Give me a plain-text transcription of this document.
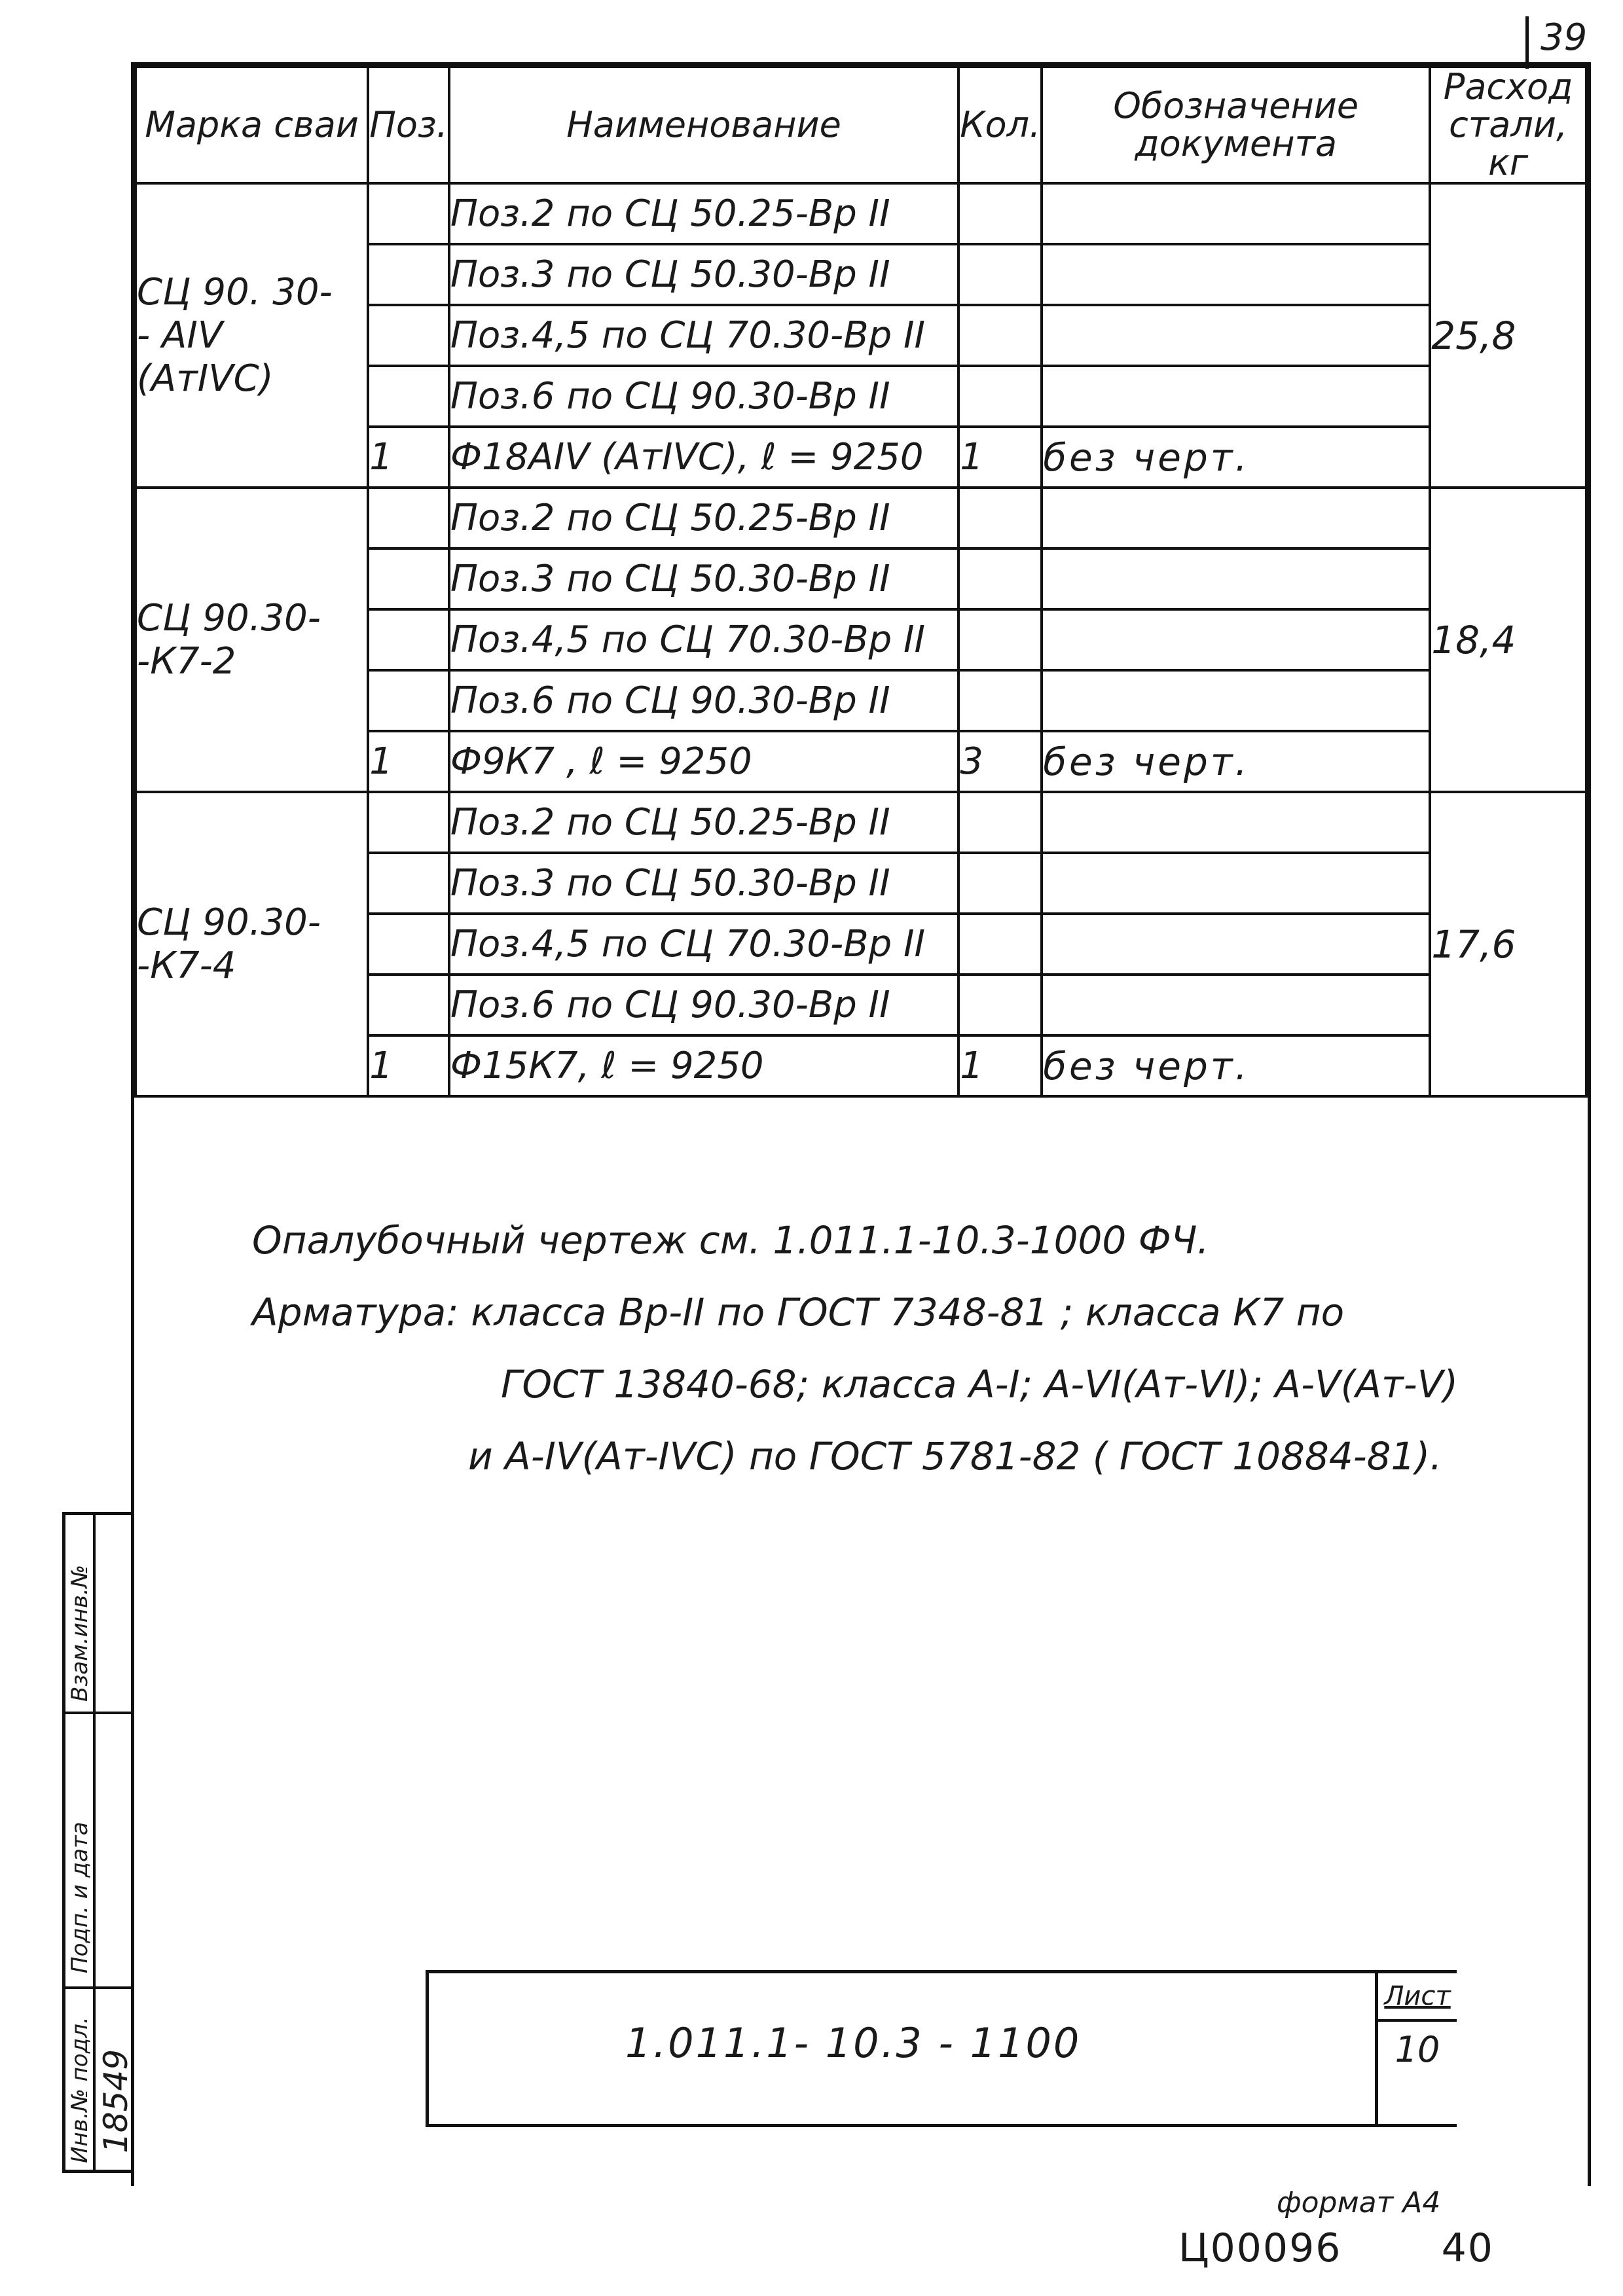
39
Марка сваи	Поз.	Наименование	Кол.	Обозначение документа	Расход стали, кг

СЦ 90. 30-
- АIV (АтIVC)		Поз.2 по СЦ 50.25-Вр II			25,8
		Поз.3 по СЦ 50.30-Вр II			
		Поз.4,5 по СЦ 70.30-Вр II			
		Поз.6 по СЦ 90.30-Вр II			
	1	Ф18АIV (АтIVC), ℓ = 9250	1	без черт.	

СЦ 90.30-
-К7-2		Поз.2 по СЦ 50.25-Вр II			18,4
		Поз.3 по СЦ 50.30-Вр II			
		Поз.4,5 по СЦ 70.30-Вр II			
		Поз.6 по СЦ 90.30-Вр II			
	1	Ф9К7 , ℓ = 9250	3	без черт.	

СЦ 90.30-
-К7-4		Поз.2 по СЦ 50.25-Вр II			17,6
		Поз.3 по СЦ 50.30-Вр II			
		Поз.4,5 по СЦ 70.30-Вр II			
		Поз.6 по СЦ 90.30-Вр II			
	1	Ф15К7, ℓ = 9250	1	без черт.	
Опалубочный чертеж см. 1.011.1-10.3-1000 ФЧ.
Арматура: класса Вр-II по ГОСТ 7348-81 ; класса К7 по
ГОСТ 13840-68; класса А-I; А-VI(Ат-VI); А-V(Ат-V)
и А-IV(Ат-IVC) по ГОСТ 5781-82 ( ГОСТ 10884-81).
Взам.инв.№
Подп. и дата
Инв.№ подл. 18549
1.011.1- 10.3 - 1100
Лист
10
формат А4
Ц00096	40
